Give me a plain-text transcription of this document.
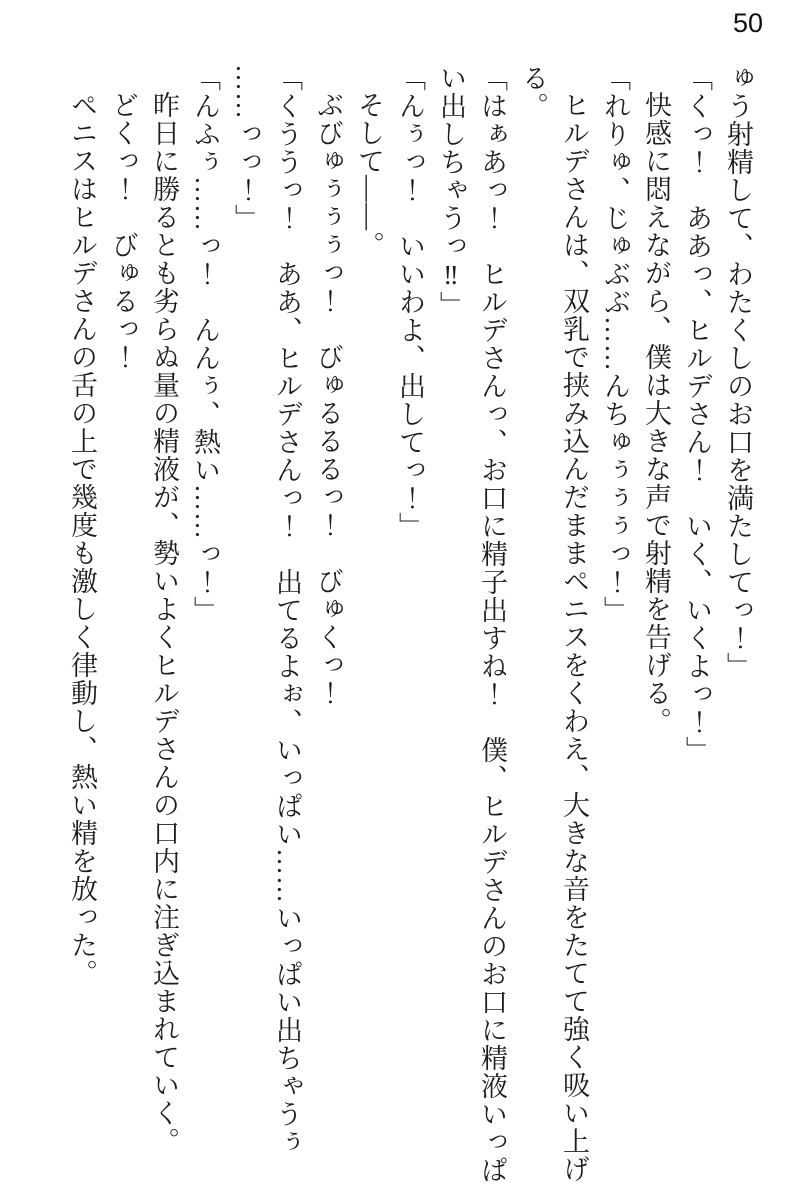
50

ゅう射精して、わたくしのお口を満たしてっ！」

「くっ！　ああっ、ヒルデさん！　いく、いくよっ！」

快感に悶えながら、僕は大きな声で射精を告げる。

「れりゅ、じゅぶぶ……んちゅぅぅぅっ！」

ヒルデさんは、双乳で挟み込んだままペニスをくわえ、大きな音をたてて強く吸い上げ

る。

「はぁあっ！　ヒルデさんっ、お口に精子出すね！　僕、ヒルデさんのお口に精液いっぱ

い出しちゃうっ‼」

「んぅっ！　いいわよ、出してっ！」

そして――。

ぶびゅぅぅぅっ！　びゅるるるっ！　びゅくっ！

「くううっ！　ああ、ヒルデさんっ！　出てるよぉ、いっぱい……いっぱい出ちゃうぅ

……っっ！」

「んふぅ……っ！　んんぅ、熱い……っ！」

昨日に勝るとも劣らぬ量の精液が、勢いよくヒルデさんの口内に注ぎ込まれていく。

どくっ！　びゅるっ！

ペニスはヒルデさんの舌の上で幾度も激しく律動し、熱い精を放った。
